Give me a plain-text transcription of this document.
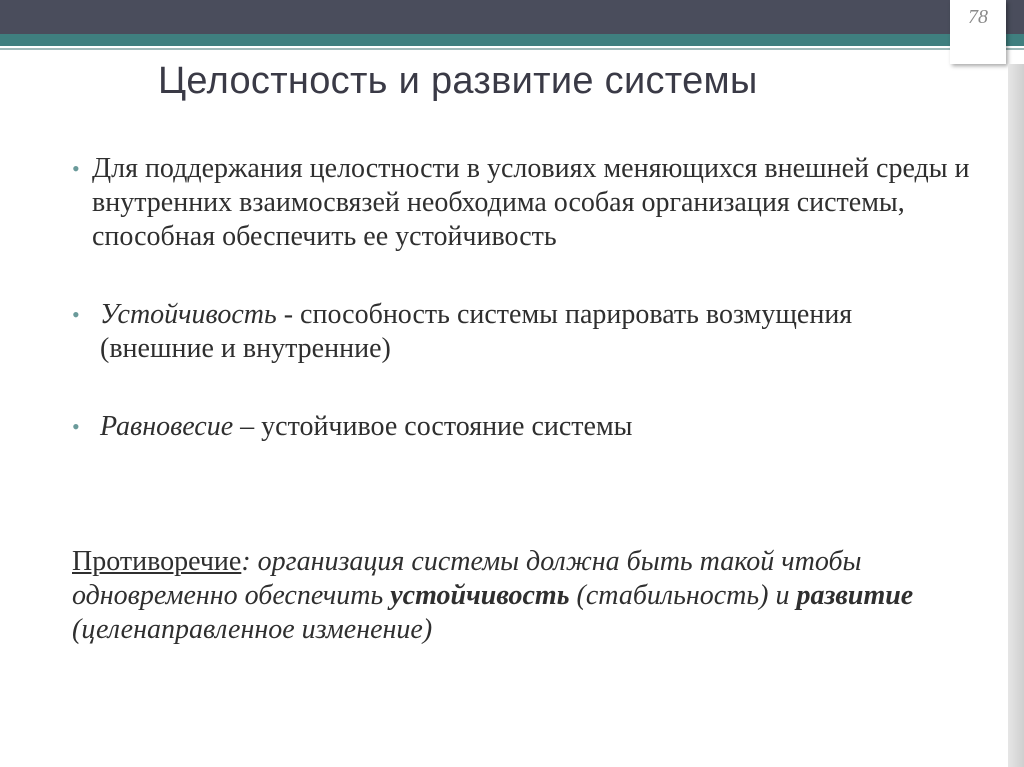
78
Целостность и развитие системы
• Для поддержания целостности в условиях меняющихся внешней среды и внутренних взаимосвязей необходима особая организация системы, способная обеспечить ее устойчивость
• Устойчивость - способность системы парировать возмущения (внешние и внутренние)
• Равновесие – устойчивое состояние системы
Противоречие: организация системы должна быть такой чтобы одновременно обеспечить устойчивость (стабильность) и развитие (целенаправленное изменение)
